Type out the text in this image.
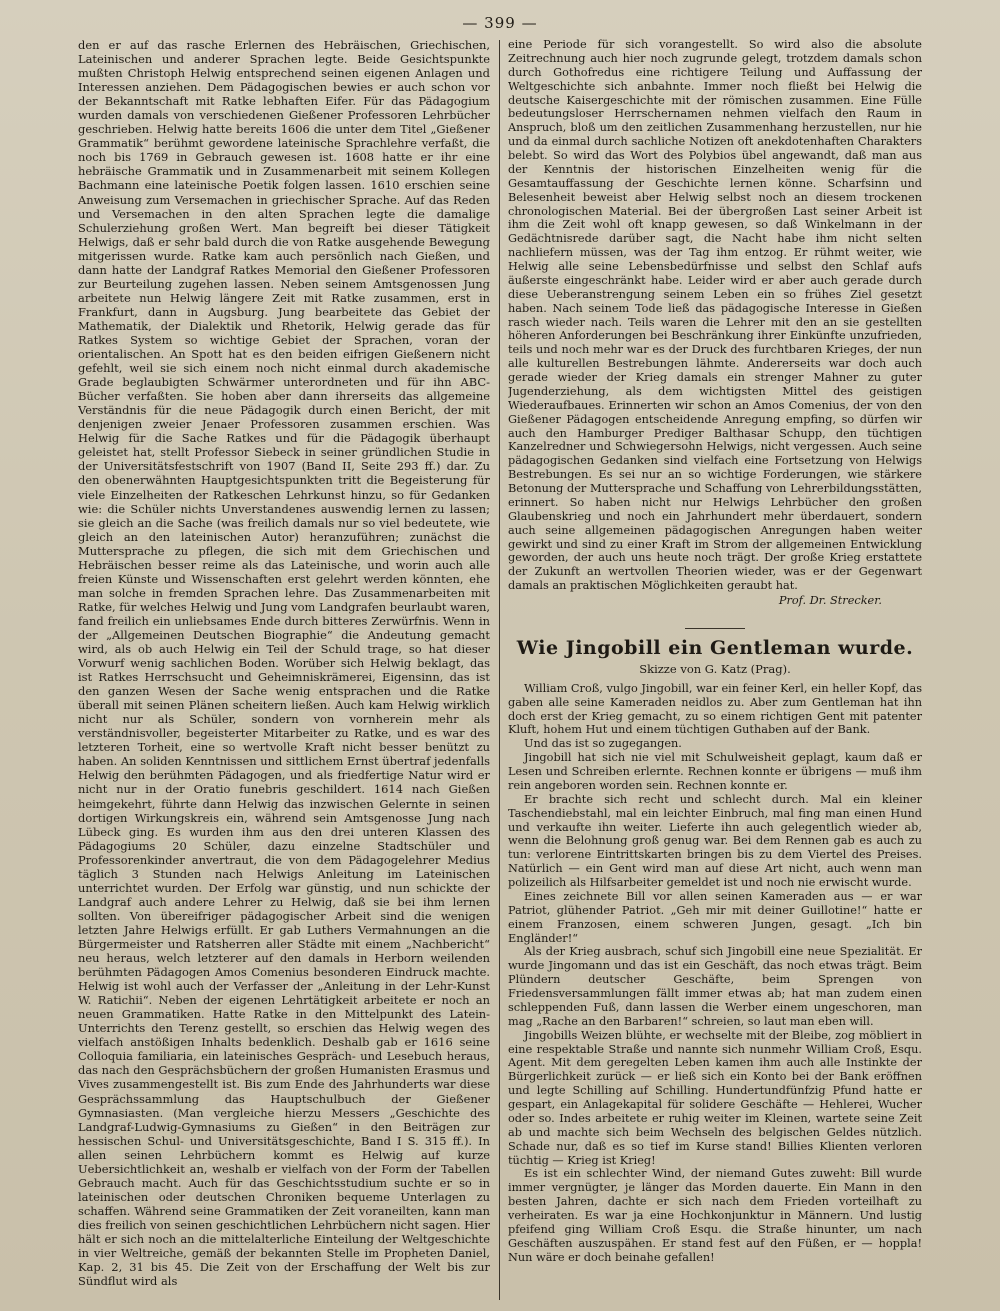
— 399 —

den er auf das rasche Erlernen des Hebräischen, Griechischen, Lateinischen und anderer Sprachen legte. Beide Gesichtspunkte mußten Christoph Helwig entsprechend seinen eigenen Anlagen und Interessen anziehen. Dem Pädagogischen bewies er auch schon vor der Bekanntschaft mit Ratke lebhaften Eifer. Für das Pädagogium wurden damals von verschiedenen Gießener Professoren Lehrbücher geschrieben. Helwig hatte bereits 1606 die unter dem Titel „Gießener Grammatik“ berühmt gewordene lateinische Sprachlehre verfaßt, die noch bis 1769 in Gebrauch gewesen ist. 1608 hatte er ihr eine hebräische Grammatik und in Zusammenarbeit mit seinem Kollegen Bachmann eine lateinische Poetik folgen lassen. 1610 erschien seine Anweisung zum Versemachen in griechischer Sprache. Auf das Reden und Versemachen in den alten Sprachen legte die damalige Schulerziehung großen Wert. Man begreift bei dieser Tätigkeit Helwigs, daß er sehr bald durch die von Ratke ausgehende Bewegung mitgerissen wurde. Ratke kam auch persönlich nach Gießen, und dann hatte der Landgraf Ratkes Memorial den Gießener Professoren zur Beurteilung zugehen lassen. Neben seinem Amtsgenossen Jung arbeitete nun Helwig längere Zeit mit Ratke zusammen, erst in Frankfurt, dann in Augsburg. Jung bearbeitete das Gebiet der Mathematik, der Dialektik und Rhetorik, Helwig gerade das für Ratkes System so wichtige Gebiet der Sprachen, voran der orientalischen. An Spott hat es den beiden eifrigen Gießenern nicht gefehlt, weil sie sich einem noch nicht einmal durch akademische Grade beglaubigten Schwärmer unterordneten und für ihn ABC-Bücher verfaßten. Sie hoben aber dann ihrerseits das allgemeine Verständnis für die neue Pädagogik durch einen Bericht, der mit denjenigen zweier Jenaer Professoren zusammen erschien. Was Helwig für die Sache Ratkes und für die Pädagogik überhaupt geleistet hat, stellt Professor Siebeck in seiner gründlichen Studie in der Universitätsfestschrift von 1907 (Band II, Seite 293 ff.) dar. Zu den obenerwähnten Hauptgesichtspunkten tritt die Begeisterung für viele Einzelheiten der Ratkeschen Lehrkunst hinzu, so für Gedanken wie: die Schüler nichts Unverstandenes auswendig lernen zu lassen; sie gleich an die Sache (was freilich damals nur so viel bedeutete, wie gleich an den lateinischen Autor) heranzuführen; zunächst die Muttersprache zu pflegen, die sich mit dem Griechischen und Hebräischen besser reime als das Lateinische, und worin auch alle freien Künste und Wissenschaften erst gelehrt werden könnten, ehe man solche in fremden Sprachen lehre. Das Zusammenarbeiten mit Ratke, für welches Helwig und Jung vom Landgrafen beurlaubt waren, fand freilich ein unliebsames Ende durch bitteres Zerwürfnis. Wenn in der „Allgemeinen Deutschen Biographie“ die Andeutung gemacht wird, als ob auch Helwig ein Teil der Schuld trage, so hat dieser Vorwurf wenig sachlichen Boden. Worüber sich Helwig beklagt, das ist Ratkes Herrschsucht und Geheimniskrämerei, Eigensinn, das ist den ganzen Wesen der Sache wenig entsprachen und die Ratke überall mit seinen Plänen scheitern ließen. Auch kam Helwig wirklich nicht nur als Schüler, sondern von vornherein mehr als verständnisvoller, begeisterter Mitarbeiter zu Ratke, und es war des letzteren Torheit, eine so wertvolle Kraft nicht besser benützt zu haben. An soliden Kenntnissen und sittlichem Ernst übertraf jedenfalls Helwig den berühmten Pädagogen, und als friedfertige Natur wird er nicht nur in der Oratio funebris geschildert. 1614 nach Gießen heimgekehrt, führte dann Helwig das inzwischen Gelernte in seinen dortigen Wirkungskreis ein, während sein Amtsgenosse Jung nach Lübeck ging. Es wurden ihm aus den drei unteren Klassen des Pädagogiums 20 Schüler, dazu einzelne Stadtschüler und Professorenkinder anvertraut, die von dem Pädagogelehrer Medius täglich 3 Stunden nach Helwigs Anleitung im Lateinischen unterrichtet wurden. Der Erfolg war günstig, und nun schickte der Landgraf auch andere Lehrer zu Helwig, daß sie bei ihm lernen sollten. Von übereifriger pädagogischer Arbeit sind die wenigen letzten Jahre Helwigs erfüllt. Er gab Luthers Vermahnungen an die Bürgermeister und Ratsherren aller Städte mit einem „Nachbericht“ neu heraus, welch letzterer auf den damals in Herborn weilenden berühmten Pädagogen Amos Comenius besonderen Eindruck machte. Helwig ist wohl auch der Verfasser der „Anleitung in der Lehr-Kunst W. Ratichii“. Neben der eigenen Lehrtätigkeit arbeitete er noch an neuen Grammatiken. Hatte Ratke in den Mittelpunkt des Latein-Unterrichts den Terenz gestellt, so erschien das Helwig wegen des vielfach anstößigen Inhalts bedenklich. Deshalb gab er 1616 seine Colloquia familiaria, ein lateinisches Gespräch- und Lesebuch heraus, das nach den Gesprächsbüchern der großen Humanisten Erasmus und Vives zusammengestellt ist. Bis zum Ende des Jahrhunderts war diese Gesprächssammlung das Hauptschulbuch der Gießener Gymnasiasten. (Man vergleiche hierzu Messers „Geschichte des Landgraf-Ludwig-Gymnasiums zu Gießen“ in den Beiträgen zur hessischen Schul- und Universitätsgeschichte, Band I S. 315 ff.). In allen seinen Lehrbüchern kommt es Helwig auf kurze Uebersichtlichkeit an, weshalb er vielfach von der Form der Tabellen Gebrauch macht. Auch für das Geschichtsstudium suchte er so in lateinischen oder deutschen Chroniken bequeme Unterlagen zu schaffen. Während seine Grammatiken der Zeit voraneilten, kann man dies freilich von seinen geschichtlichen Lehrbüchern nicht sagen. Hier hält er sich noch an die mittelalterliche Einteilung der Weltgeschichte in vier Weltreiche, gemäß der bekannten Stelle im Propheten Daniel, Kap. 2, 31 bis 45. Die Zeit von der Erschaffung der Welt bis zur Sündflut wird als

eine Periode für sich vorangestellt. So wird also die absolute Zeitrechnung auch hier noch zugrunde gelegt, trotzdem damals schon durch Gothofredus eine richtigere Teilung und Auffassung der Weltgeschichte sich anbahnte. Immer noch fließt bei Helwig die deutsche Kaisergeschichte mit der römischen zusammen. Eine Fülle bedeutungsloser Herrschernamen nehmen vielfach den Raum in Anspruch, bloß um den zeitlichen Zusammenhang herzustellen, nur hie und da einmal durch sachliche Notizen oft anekdotenhaften Charakters belebt. So wird das Wort des Polybios übel angewandt, daß man aus der Kenntnis der historischen Einzelheiten wenig für die Gesamtauffassung der Geschichte lernen könne. Scharfsinn und Belesenheit beweist aber Helwig selbst noch an diesem trockenen chronologischen Material. Bei der übergroßen Last seiner Arbeit ist ihm die Zeit wohl oft knapp gewesen, so daß Winkelmann in der Gedächtnisrede darüber sagt, die Nacht habe ihm nicht selten nachliefern müssen, was der Tag ihm entzog. Er rühmt weiter, wie Helwig alle seine Lebensbedürfnisse und selbst den Schlaf aufs äußerste eingeschränkt habe. Leider wird er aber auch gerade durch diese Ueberanstrengung seinem Leben ein so frühes Ziel gesetzt haben. Nach seinem Tode ließ das pädagogische Interesse in Gießen rasch wieder nach. Teils waren die Lehrer mit den an sie gestellten höheren Anforderungen bei Beschränkung ihrer Einkünfte unzufrieden, teils und noch mehr war es der Druck des furchtbaren Krieges, der nun alle kulturellen Bestrebungen lähmte. Andererseits war doch auch gerade wieder der Krieg damals ein strenger Mahner zu guter Jugenderziehung, als dem wichtigsten Mittel des geistigen Wiederaufbaues. Erinnerten wir schon an Amos Comenius, der von den Gießener Pädagogen entscheidende Anregung empfing, so dürfen wir auch den Hamburger Prediger Balthasar Schupp, den tüchtigen Kanzelredner und Schwiegersohn Helwigs, nicht vergessen. Auch seine pädagogischen Gedanken sind vielfach eine Fortsetzung von Helwigs Bestrebungen. Es sei nur an so wichtige Forderungen, wie stärkere Betonung der Muttersprache und Schaffung von Lehrerbildungsstätten, erinnert. So haben nicht nur Helwigs Lehrbücher den großen Glaubenskrieg und noch ein Jahrhundert mehr überdauert, sondern auch seine allgemeinen pädagogischen Anregungen haben weiter gewirkt und sind zu einer Kraft im Strom der allgemeinen Entwicklung geworden, der auch uns heute noch trägt. Der große Krieg erstattete der Zukunft an wertvollen Theorien wieder, was er der Gegenwart damals an praktischen Möglichkeiten geraubt hat.

Prof. Dr. Strecker.
Wie Jingobill ein Gentleman wurde.
Skizze von G. Katz (Prag).

William Croß, vulgo Jingobill, war ein feiner Kerl, ein heller Kopf, das gaben alle seine Kameraden neidlos zu. Aber zum Gentleman hat ihn doch erst der Krieg gemacht, zu so einem richtigen Gent mit patenter Kluft, hohem Hut und einem tüchtigen Guthaben auf der Bank.

Und das ist so zugegangen.

Jingobill hat sich nie viel mit Schulweisheit geplagt, kaum daß er Lesen und Schreiben erlernte. Rechnen konnte er übrigens — muß ihm rein angeboren worden sein. Rechnen konnte er.

Er brachte sich recht und schlecht durch. Mal ein kleiner Taschendiebstahl, mal ein leichter Einbruch, mal fing man einen Hund und verkaufte ihn weiter. Lieferte ihn auch gelegentlich wieder ab, wenn die Belohnung groß genug war. Bei dem Rennen gab es auch zu tun: verlorene Eintrittskarten bringen bis zu dem Viertel des Preises. Natürlich — ein Gent wird man auf diese Art nicht, auch wenn man polizeilich als Hilfsarbeiter gemeldet ist und noch nie erwischt wurde.

Eines zeichnete Bill vor allen seinen Kameraden aus — er war Patriot, glühender Patriot. „Geh mir mit deiner Guillotine!“ hatte er einem Franzosen, einem schweren Jungen, gesagt. „Ich bin Engländer!“

Als der Krieg ausbrach, schuf sich Jingobill eine neue Spezialität. Er wurde Jingomann und das ist ein Geschäft, das noch etwas trägt. Beim Plündern deutscher Geschäfte, beim Sprengen von Friedensversammlungen fällt immer etwas ab; hat man zudem einen schleppenden Fuß, dann lassen die Werber einem ungeschoren, man mag „Rache an den Barbaren!“ schreien, so laut man eben will.

Jingobills Weizen blühte, er wechselte mit der Bleibe, zog möbliert in eine respektable Straße und nannte sich nunmehr William Croß, Esqu. Agent. Mit dem geregelten Leben kamen ihm auch alle Instinkte der Bürgerlichkeit zurück — er ließ sich ein Konto bei der Bank eröffnen und legte Schilling auf Schilling. Hundertundfünfzig Pfund hatte er gespart, ein Anlagekapital für solidere Geschäfte — Hehlerei, Wucher oder so. Indes arbeitete er ruhig weiter im Kleinen, wartete seine Zeit ab und machte sich beim Wechseln des belgischen Geldes nützlich. Schade nur, daß es so tief im Kurse stand! Billies Klienten verloren tüchtig — Krieg ist Krieg!

Es ist ein schlechter Wind, der niemand Gutes zuweht: Bill wurde immer vergnügter, je länger das Morden dauerte. Ein Mann in den besten Jahren, dachte er sich nach dem Frieden vorteilhaft zu verheiraten. Es war ja eine Hochkonjunktur in Männern. Und lustig pfeifend ging William Croß Esqu. die Straße hinunter, um nach Geschäften auszuspähen. Er stand fest auf den Füßen, er — hoppla! Nun wäre er doch beinahe gefallen!
